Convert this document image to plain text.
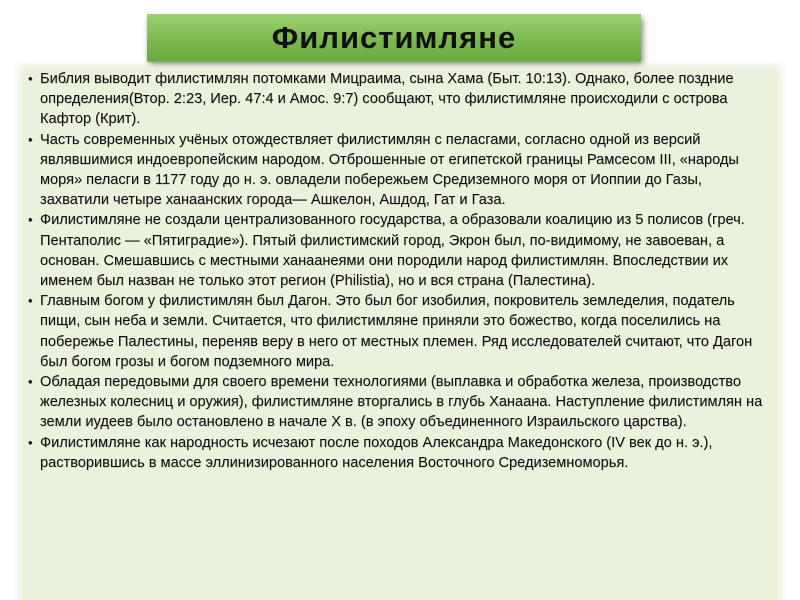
Филистимляне
• Библия выводит филистимлян потомками Мицраима, сына Хама (Быт. 10:13). Однако, более поздние определения(Втор. 2:23, Иер. 47:4 и Амос. 9:7) сообщают, что филистимляне происходили с острова Кафтор (Крит).
• Часть современных учёных отождествляет филистимлян с пеласгами, согласно одной из версий являвшимися индоевропейским народом. Отброшенные от египетской границы Рамсесом III, «народы моря» пеласги в 1177 году до н. э. овладели побережьем Средиземного моря от Иоппии до Газы, захватили четыре ханаанских города— Ашкелон, Ашдод, Гат и Газа.
• Филистимляне не создали централизованного государства, а образовали коалицию из 5 полисов (греч. Пентаполис — «Пятиградие»). Пятый филистимский город, Экрон был, по-видимому, не завоеван, а основан. Смешавшись с местными ханаанеями они породили народ филистимлян. Впоследствии их именем был назван не только этот регион (Philistia), но и вся страна (Палестина).
• Главным богом у филистимлян был Дагон. Это был бог изобилия, покровитель земледелия, податель пищи, сын неба и земли. Считается, что филистимляне приняли это божество, когда поселились на побережье Палестины, переняв веру в него от местных племен. Ряд исследователей считают, что Дагон был богом грозы и богом подземного мира.
• Обладая передовыми для своего времени технологиями (выплавка и обработка железа, производство железных колесниц и оружия), филистимляне вторгались в глубь Ханаана. Наступление филистимлян на земли иудеев было остановлено в начале X в. (в эпоху объединенного Израильского царства).
• Филистимляне как народность исчезают после походов Александра Македонского (IV век до н. э.), растворившись в массе эллинизированного населения Восточного Средиземноморья.
